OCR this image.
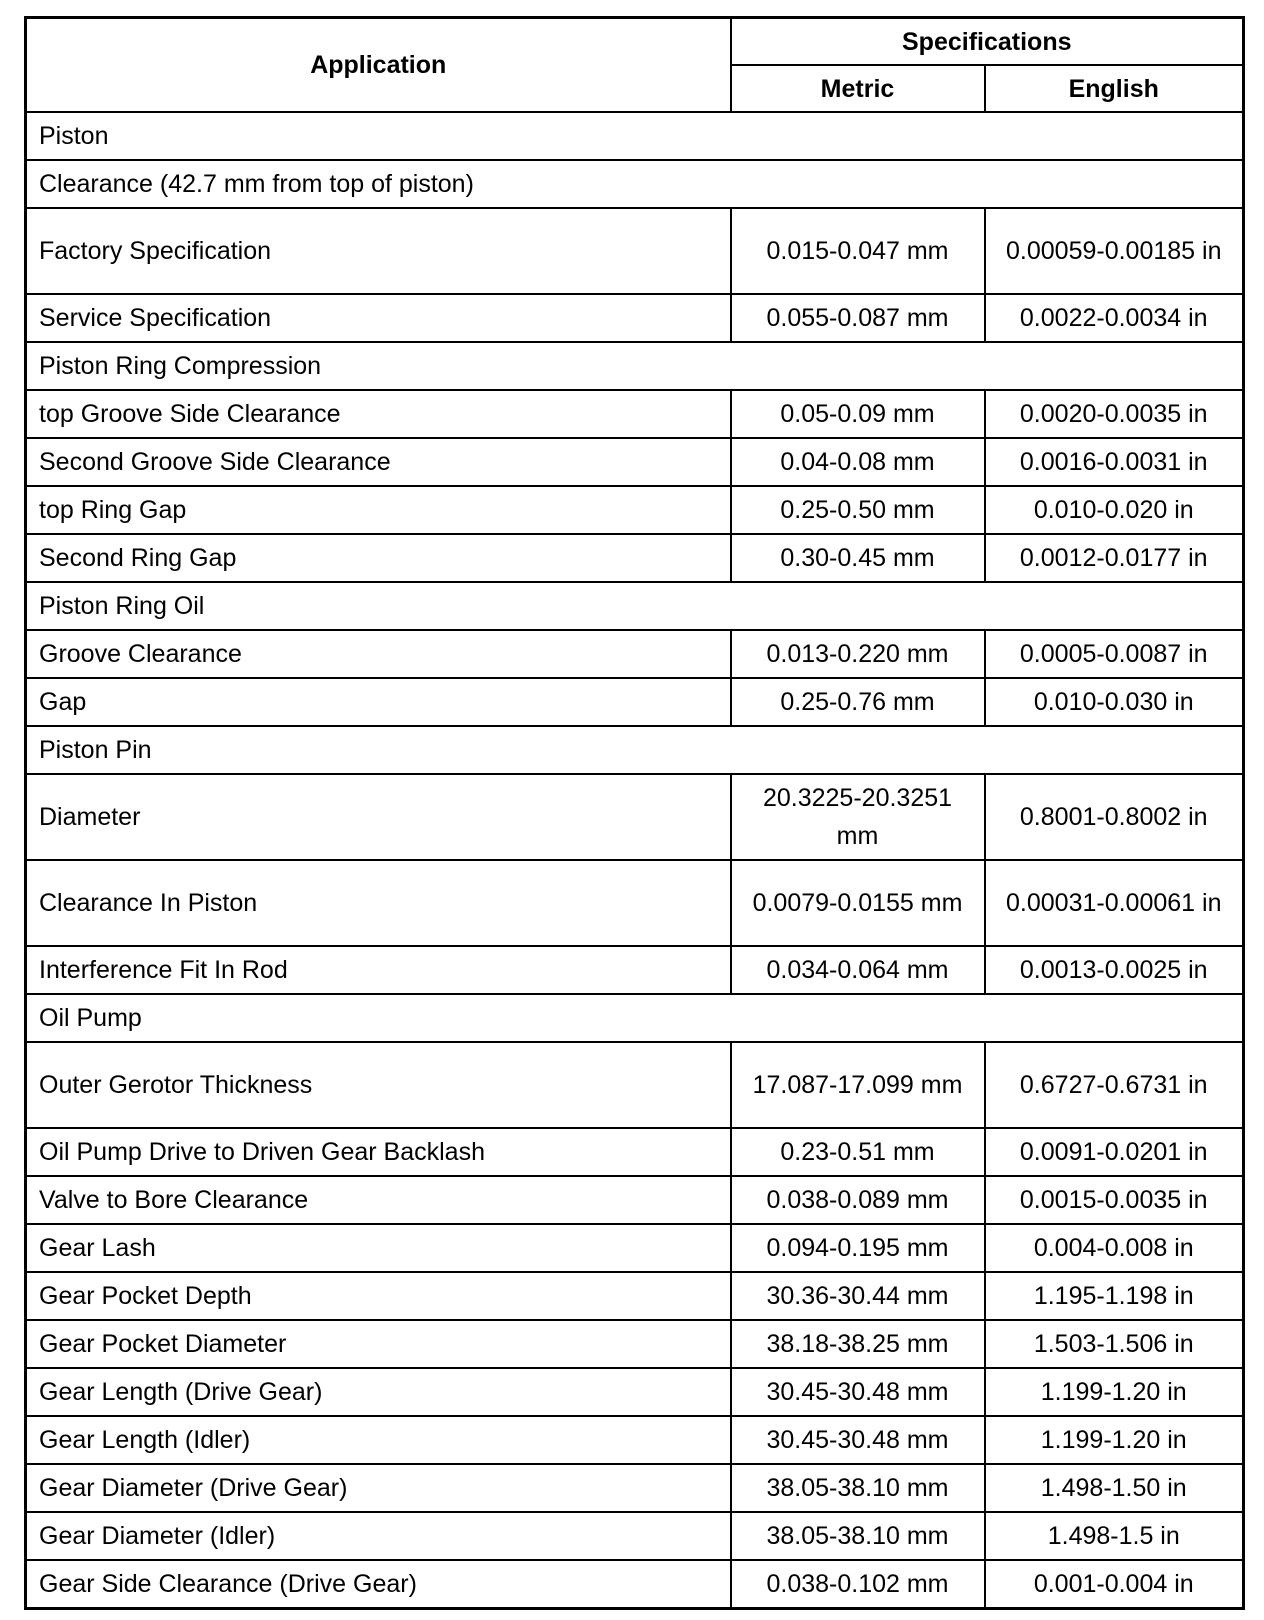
Application	Specifications	
	Metric	English
Piston		
Clearance (42.7 mm from top of piston)		
Factory Specification	0.015-0.047 mm	0.00059-0.00185 in
Service Specification	0.055-0.087 mm	0.0022-0.0034 in
Piston Ring Compression		
top Groove Side Clearance	0.05-0.09 mm	0.0020-0.0035 in
Second Groove Side Clearance	0.04-0.08 mm	0.0016-0.0031 in
top Ring Gap	0.25-0.50 mm	0.010-0.020 in
Second Ring Gap	0.30-0.45 mm	0.0012-0.0177 in
Piston Ring Oil		
Groove Clearance	0.013-0.220 mm	0.0005-0.0087 in
Gap	0.25-0.76 mm	0.010-0.030 in
Piston Pin		
Diameter	20.3225-20.3251 mm	0.8001-0.8002 in
Clearance In Piston	0.0079-0.0155 mm	0.00031-0.00061 in
Interference Fit In Rod	0.034-0.064 mm	0.0013-0.0025 in
Oil Pump		
Outer Gerotor Thickness	17.087-17.099 mm	0.6727-0.6731 in
Oil Pump Drive to Driven Gear Backlash	0.23-0.51 mm	0.0091-0.0201 in
Valve to Bore Clearance	0.038-0.089 mm	0.0015-0.0035 in
Gear Lash	0.094-0.195 mm	0.004-0.008 in
Gear Pocket Depth	30.36-30.44 mm	1.195-1.198 in
Gear Pocket Diameter	38.18-38.25 mm	1.503-1.506 in
Gear Length (Drive Gear)	30.45-30.48 mm	1.199-1.20 in
Gear Length (Idler)	30.45-30.48 mm	1.199-1.20 in
Gear Diameter (Drive Gear)	38.05-38.10 mm	1.498-1.50 in
Gear Diameter (Idler)	38.05-38.10 mm	1.498-1.5 in
Gear Side Clearance (Drive Gear)	0.038-0.102 mm	0.001-0.004 in
